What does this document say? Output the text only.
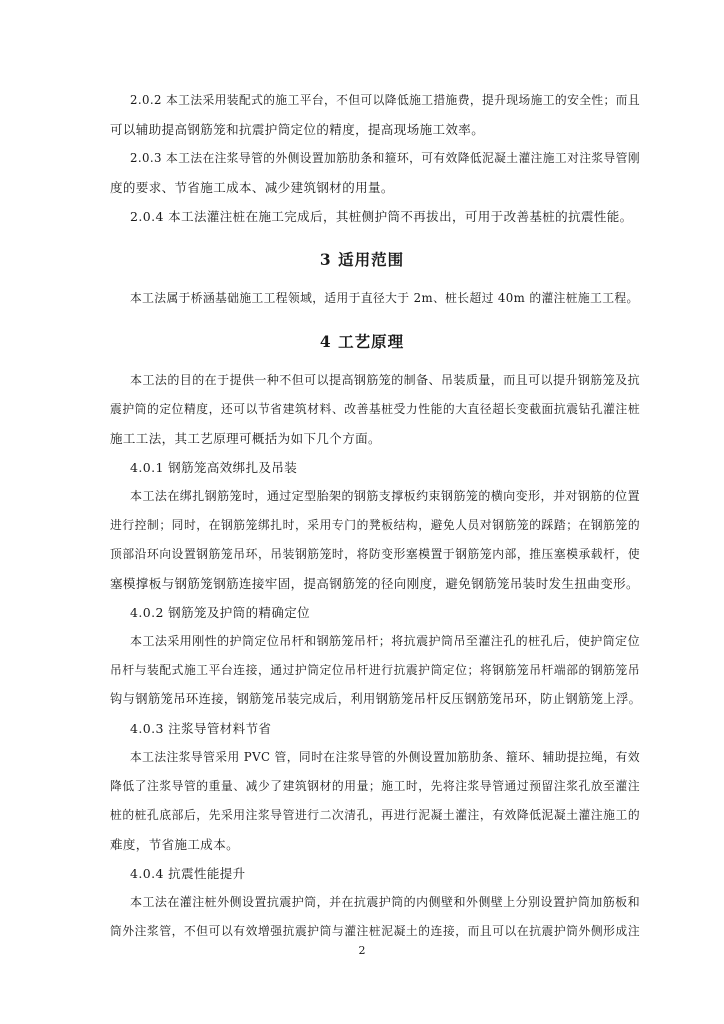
2.0.2 本工法采用装配式的施工平台，不但可以降低施工措施费，提升现场施工的安全性；而且

可以辅助提高钢筋笼和抗震护筒定位的精度，提高现场施工效率。

2.0.3 本工法在注浆导管的外侧设置加筋肋条和箍环，可有效降低泥凝土灌注施工对注浆导管刚

度的要求、节省施工成本、减少建筑钢材的用量。

2.0.4 本工法灌注桩在施工完成后，其桩侧护筒不再拔出，可用于改善基桩的抗震性能。

3 适用范围

本工法属于桥涵基础施工工程领域，适用于直径大于 2m、桩长超过 40m 的灌注桩施工工程。

4 工艺原理

本工法的目的在于提供一种不但可以提高钢筋笼的制备、吊装质量，而且可以提升钢筋笼及抗

震护筒的定位精度，还可以节省建筑材料、改善基桩受力性能的大直径超长变截面抗震钻孔灌注桩

施工工法，其工艺原理可概括为如下几个方面。

4.0.1 钢筋笼高效绑扎及吊装

本工法在绑扎钢筋笼时，通过定型胎架的钢筋支撑板约束钢筋笼的横向变形，并对钢筋的位置

进行控制；同时，在钢筋笼绑扎时，采用专门的凳板结构，避免人员对钢筋笼的踩踏；在钢筋笼的

顶部沿环向设置钢筋笼吊环，吊装钢筋笼时，将防变形塞模置于钢筋笼内部，推压塞模承载杆，使

塞模撑板与钢筋笼钢筋连接牢固，提高钢筋笼的径向刚度，避免钢筋笼吊装时发生扭曲变形。

4.0.2 钢筋笼及护筒的精确定位

本工法采用刚性的护筒定位吊杆和钢筋笼吊杆；将抗震护筒吊至灌注孔的桩孔后，使护筒定位

吊杆与装配式施工平台连接，通过护筒定位吊杆进行抗震护筒定位；将钢筋笼吊杆端部的钢筋笼吊

钩与钢筋笼吊环连接，钢筋笼吊装完成后，利用钢筋笼吊杆反压钢筋笼吊环，防止钢筋笼上浮。

4.0.3 注浆导管材料节省

本工法注浆导管采用 PVC 管，同时在注浆导管的外侧设置加筋肋条、箍环、辅助提拉绳，有效

降低了注浆导管的重量、减少了建筑钢材的用量；施工时，先将注浆导管通过预留注浆孔放至灌注

桩的桩孔底部后，先采用注浆导管进行二次清孔，再进行泥凝土灌注，有效降低泥凝土灌注施工的

难度，节省施工成本。

4.0.4 抗震性能提升

本工法在灌注桩外侧设置抗震护筒，并在抗震护筒的内侧壁和外侧壁上分别设置护筒加筋板和

筒外注浆管，不但可以有效增强抗震护筒与灌注桩泥凝土的连接，而且可以在抗震护筒外侧形成注

2
